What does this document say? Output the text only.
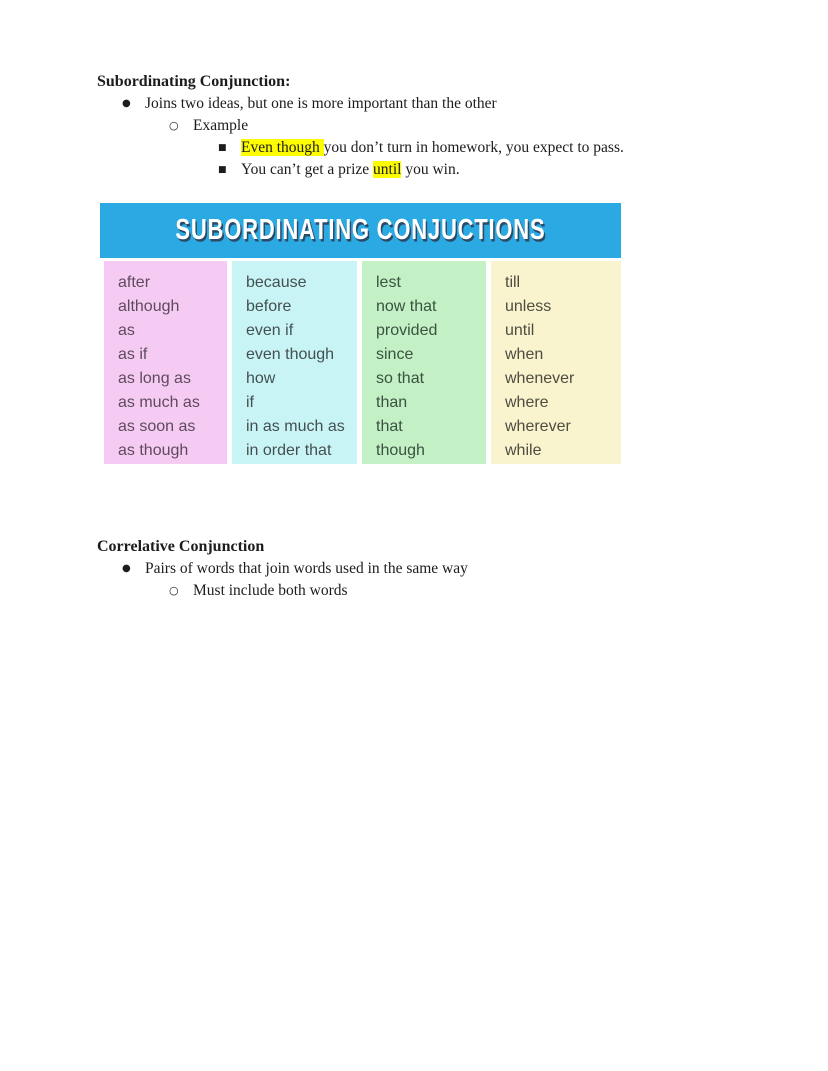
Subordinating Conjunction:
● Joins two ideas, but one is more important than the other
○ Example
■ Even though you don’t turn in homework, you expect to pass.
■ You can’t get a prize until you win.
SUBORDINATING CONJUCTIONS
after
although
as
as if
as long as
as much as
as soon as
as though
because
before
even if
even though
how
if
in as much as
in order that
lest
now that
provided
since
so that
than
that
though
till
unless
until
when
whenever
where
wherever
while
Correlative Conjunction
● Pairs of words that join words used in the same way
○ Must include both words
